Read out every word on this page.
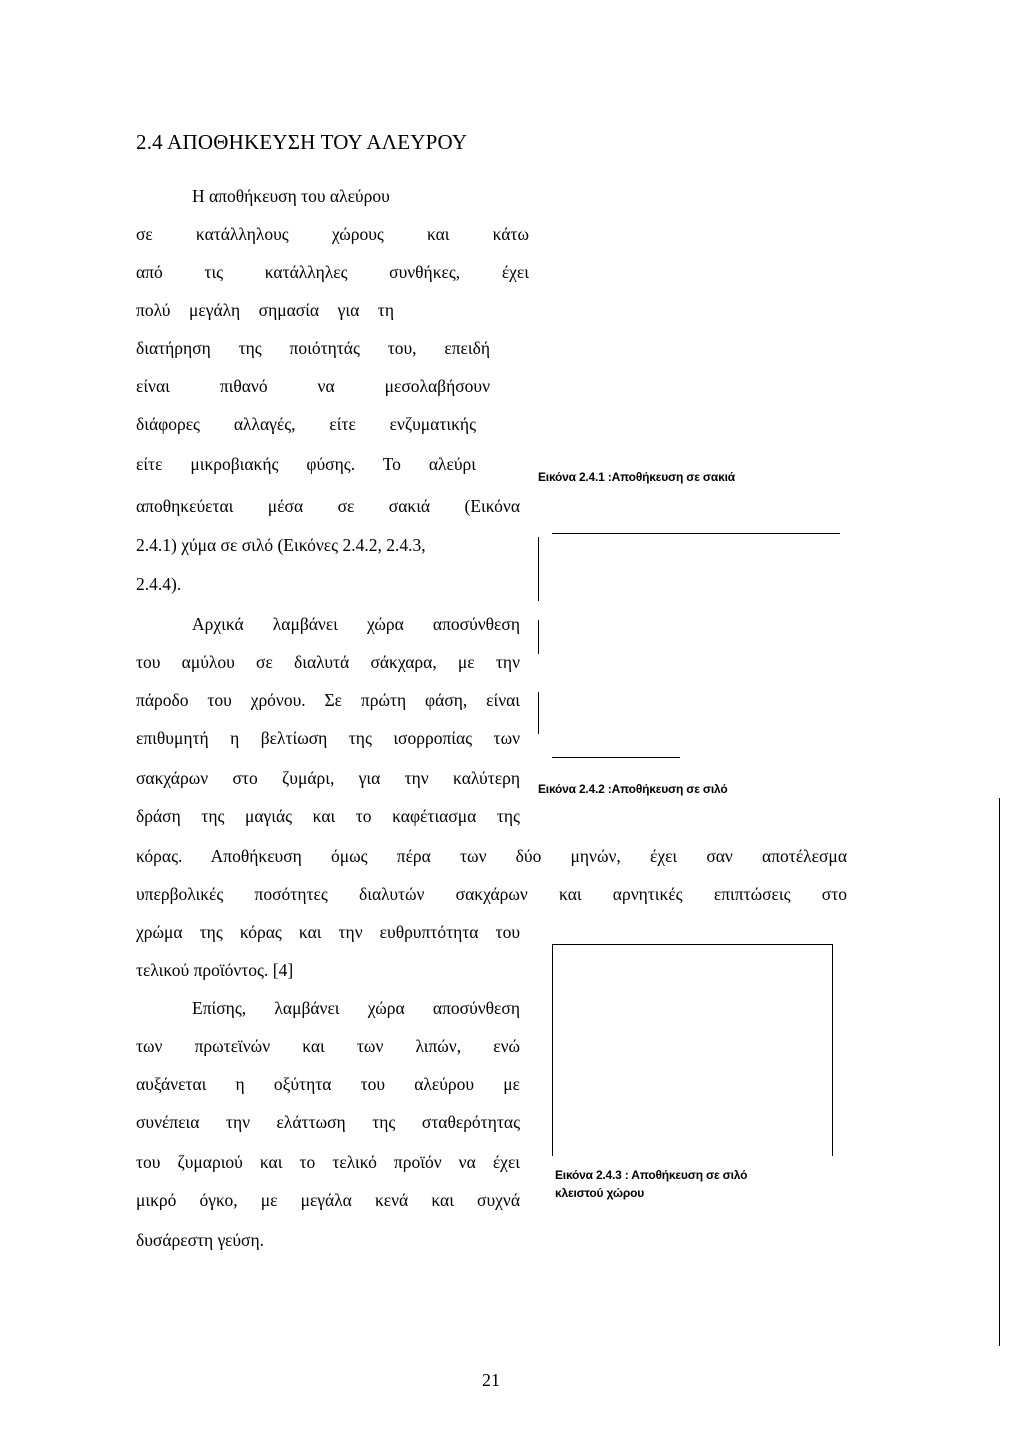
2.4 ΑΠΟΘΗΚΕΥΣΗ ΤΟΥ ΑΛΕΥΡΟΥ
Η αποθήκευση του αλεύρου
σε κατάλληλους χώρους και κάτω
από τις κατάλληλες συνθήκες, έχει
πολύ μεγάλη σημασία για τη
διατήρηση της ποιότητάς του, επειδή
είναι πιθανό να μεσολαβήσουν
διάφορες αλλαγές, είτε ενζυματικής
είτε μικροβιακής φύσης. Το αλεύρι
αποθηκεύεται μέσα σε σακιά (Εικόνα
2.4.1) χύμα σε σιλό (Εικόνες 2.4.2, 2.4.3,
2.4.4).
Αρχικά λαμβάνει χώρα αποσύνθεση
του αμύλου σε διαλυτά σάκχαρα, με την
πάροδο του χρόνου. Σε πρώτη φάση, είναι
επιθυμητή η βελτίωση της ισορροπίας των
σακχάρων στο ζυμάρι, για την καλύτερη
δράση της μαγιάς και το καφέτιασμα της
κόρας. Αποθήκευση όμως πέρα των δύο μηνών, έχει σαν αποτέλεσμα
υπερβολικές ποσότητες διαλυτών σακχάρων και αρνητικές επιπτώσεις στο
χρώμα της κόρας και την ευθρυπτότητα του
τελικού προϊόντος. [4]
Επίσης, λαμβάνει χώρα αποσύνθεση
των πρωτεϊνών και των λιπών, ενώ
αυξάνεται η οξύτητα του αλεύρου με
συνέπεια την ελάττωση της σταθερότητας
του ζυμαριού και το τελικό προϊόν να έχει
μικρό όγκο, με μεγάλα κενά και συχνά
δυσάρεστη γεύση.
Εικόνα 2.4.1 :Αποθήκευση σε σακιά
Εικόνα 2.4.2 :Αποθήκευση σε σιλό
Εικόνα 2.4.3 : Αποθήκευση σε σιλό
κλειστού χώρου
21
